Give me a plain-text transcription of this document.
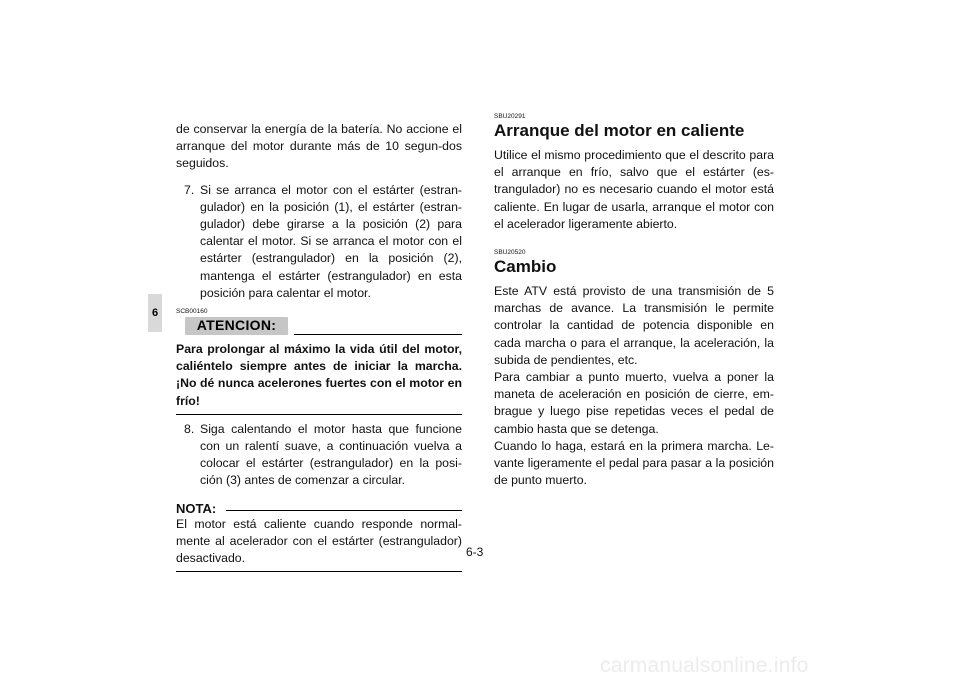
6

de conservar la energía de la batería. No accione el arranque del motor durante más de 10 segun-dos seguidos.

7. Si se arranca el motor con el estárter (estran-gulador) en la posición (1), el estárter (estran-gulador) debe girarse a la posición (2) para calentar el motor. Si se arranca el motor con el estárter (estrangulador) en la posición (2), mantenga el estárter (estrangulador) en esta posición para calentar el motor.
SCB00160
ATENCION:
Para prolongar al máximo la vida útil del motor, caliéntelo siempre antes de iniciar la marcha. ¡No dé nunca acelerones fuertes con el motor en frío!
8. Siga calentando el motor hasta que funcione con un ralentí suave, a continuación vuelva a colocar el estárter (estrangulador) en la posi-ción (3) antes de comenzar a circular.
NOTA:

El motor está caliente cuando responde normal-mente al acelerador con el estárter (estrangulador) desactivado.

SBU20291
Arranque del motor en caliente

Utilice el mismo procedimiento que el descrito para el arranque en frío, salvo que el estárter (es-trangulador) no es necesario cuando el motor está caliente. En lugar de usarla, arranque el motor con el acelerador ligeramente abierto.

SBU20520
Cambio

Este ATV está provisto de una transmisión de 5 marchas de avance. La transmisión le permite controlar la cantidad de potencia disponible en cada marcha o para el arranque, la aceleración, la subida de pendientes, etc.

Para cambiar a punto muerto, vuelva a poner la maneta de aceleración en posición de cierre, em-brague y luego pise repetidas veces el pedal de cambio hasta que se detenga.

Cuando lo haga, estará en la primera marcha. Le-vante ligeramente el pedal para pasar a la posición de punto muerto.

6-3
carmanualsonline.info
